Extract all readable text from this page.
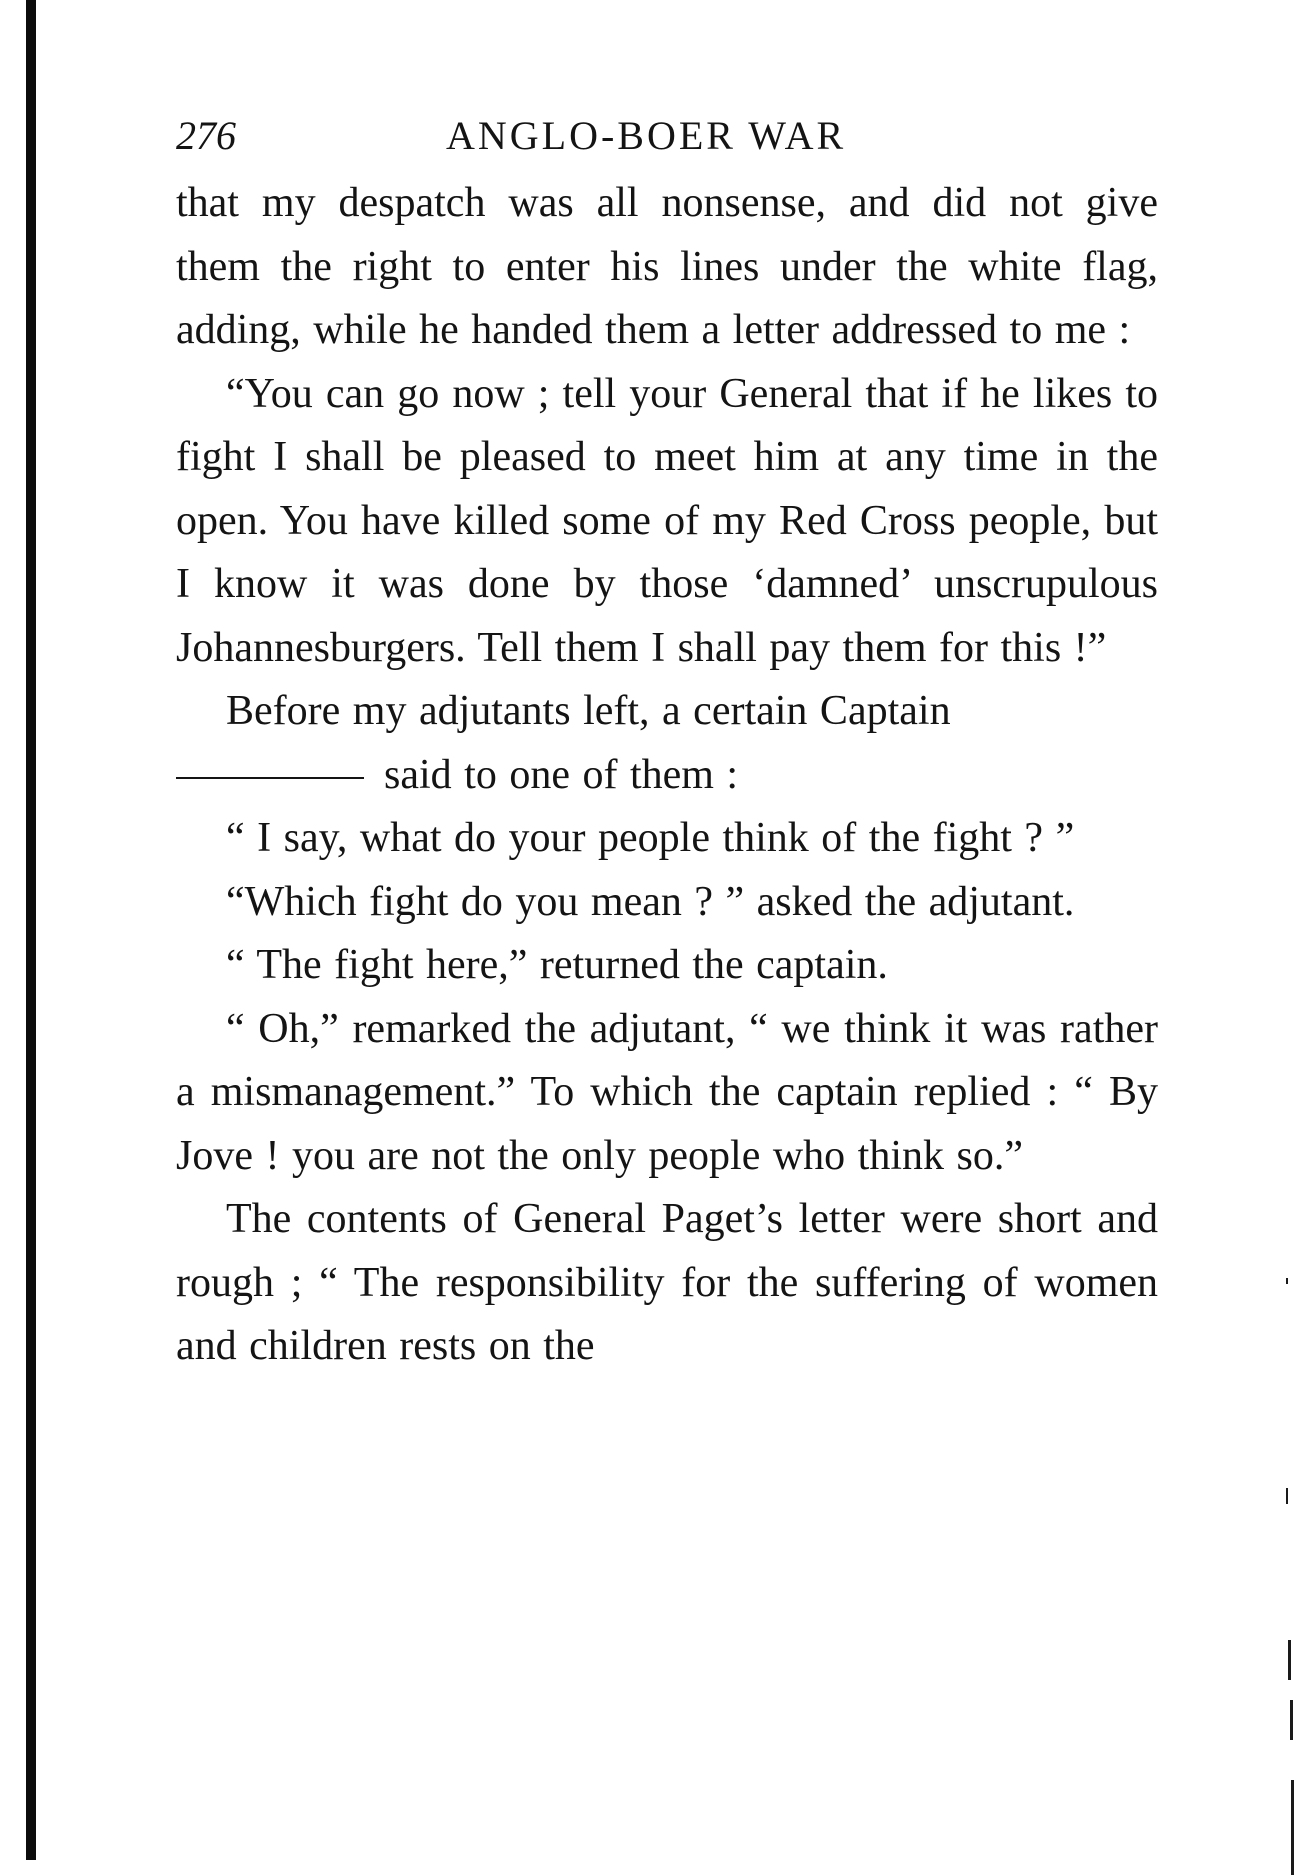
276	ANGLO-BOER WAR

that my despatch was all nonsense, and did not give them the right to enter his lines under the white flag, adding, while he handed them a letter addressed to me :

“You can go now ; tell your General that if he likes to fight I shall be pleased to meet him at any time in the open. You have killed some of my Red Cross people, but I know it was done by those ‘damned’ unscrupulous Johannesburgers. Tell them I shall pay them for this !”

Before my adjutants left, a certain Captain
said to one of them :

“ I say, what do your people think of the fight ? ”

“Which fight do you mean ? ” asked the adjutant.

“ The fight here,” returned the captain.

“ Oh,” remarked the adjutant, “ we think it was rather a mismanagement.” To which the captain replied : “ By Jove ! you are not the only people who think so.”

The contents of General Paget’s letter were short and rough ; “ The responsibility for the suffering of women and children rests on the
